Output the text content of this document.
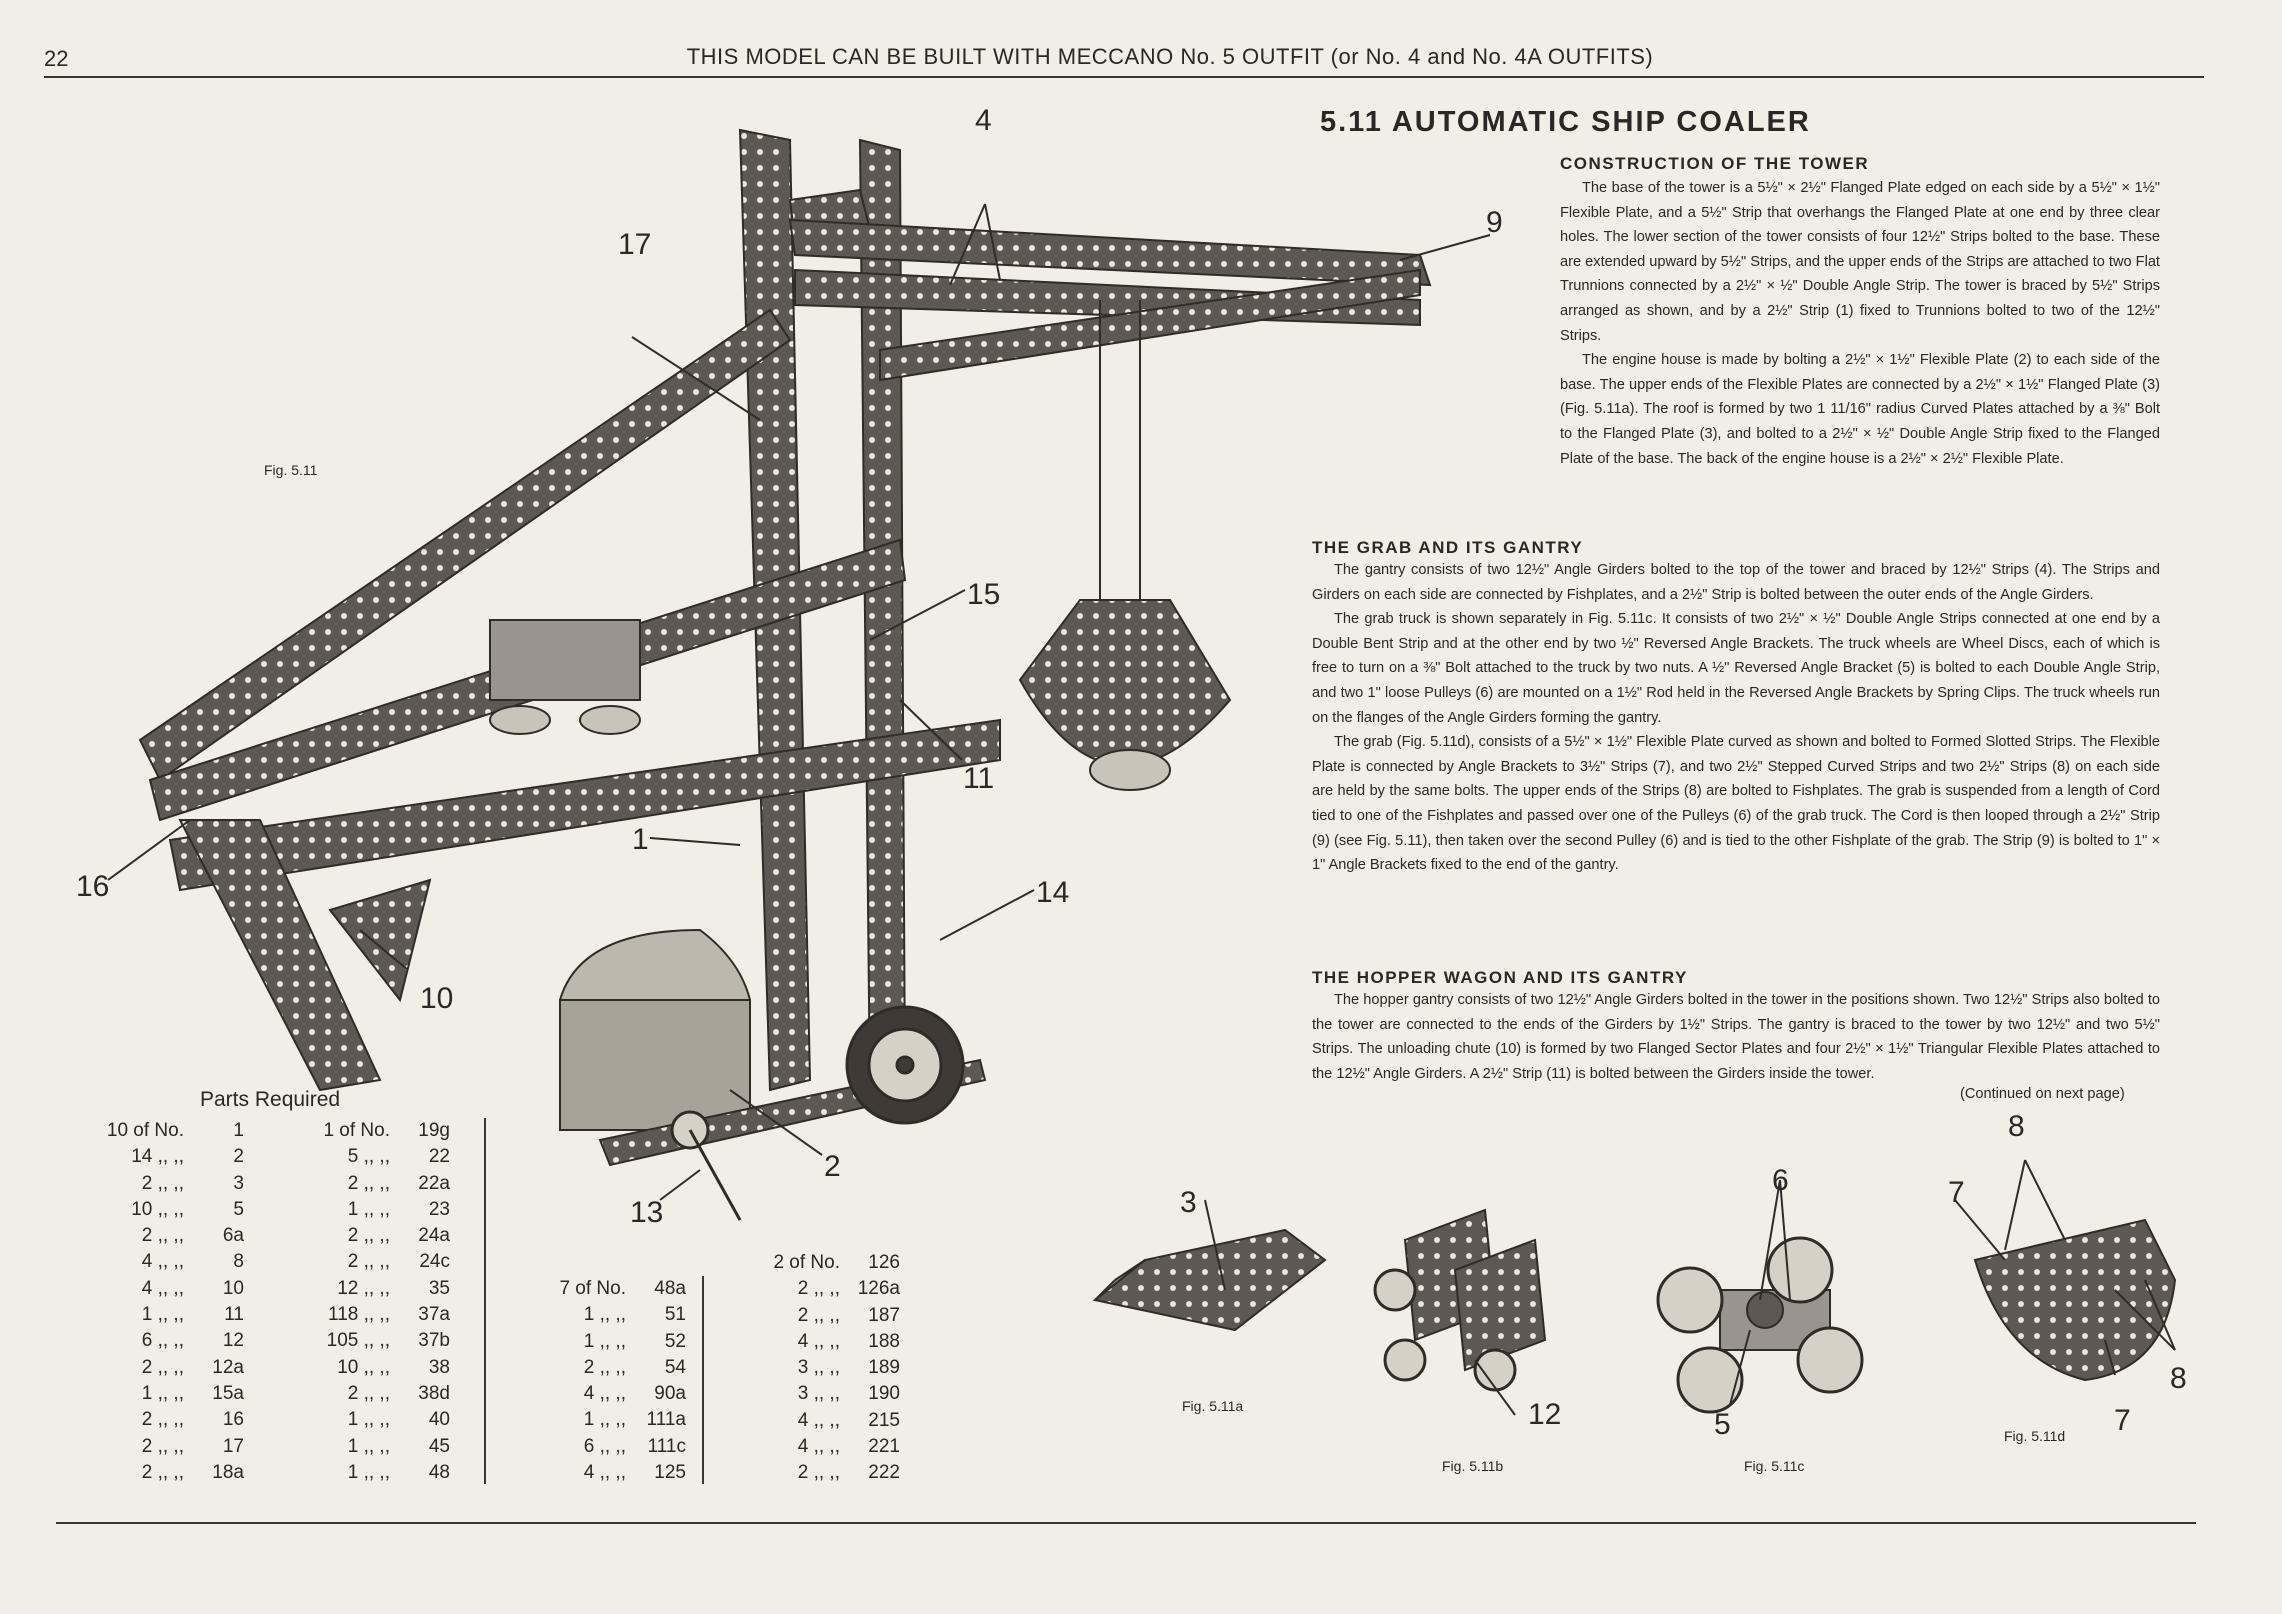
22	THIS MODEL CAN BE BUILT WITH MECCANO No. 5 OUTFIT (or No. 4 and No. 4A OUTFITS)
4
17
9
15
11
1
16	14
10
2
13
Fig. 5.11
5.11 AUTOMATIC SHIP COALER
CONSTRUCTION OF THE TOWER

The base of the tower is a 5½" × 2½" Flanged Plate edged on each side by a 5½" × 1½" Flexible Plate, and a 5½" Strip that overhangs the Flanged Plate at one end by three clear holes. The lower section of the tower consists of four 12½" Strips bolted to the base. These are extended upward by 5½" Strips, and the upper ends of the Strips are attached to two Flat Trunnions connected by a 2½" × ½" Double Angle Strip. The tower is braced by 5½" Strips arranged as shown, and by a 2½" Strip (1) fixed to Trunnions bolted to two of the 12½" Strips.

The engine house is made by bolting a 2½" × 1½" Flexible Plate (2) to each side of the base. The upper ends of the Flexible Plates are connected by a 2½" × 1½" Flanged Plate (3) (Fig. 5.11a). The roof is formed by two 1 11/16" radius Curved Plates attached by a ⅜" Bolt to the Flanged Plate (3), and bolted to a 2½" × ½" Double Angle Strip fixed to the Flanged Plate of the base. The back of the engine house is a 2½" × 2½" Flexible Plate.

THE GRAB AND ITS GANTRY

The gantry consists of two 12½" Angle Girders bolted to the top of the tower and braced by 12½" Strips (4). The Strips and Girders on each side are connected by Fishplates, and a 2½" Strip is bolted between the outer ends of the Angle Girders.

The grab truck is shown separately in Fig. 5.11c. It consists of two 2½" × ½" Double Angle Strips connected at one end by a Double Bent Strip and at the other end by two ½" Reversed Angle Brackets. The truck wheels are Wheel Discs, each of which is free to turn on a ⅜" Bolt attached to the truck by two nuts. A ½" Reversed Angle Bracket (5) is bolted to each Double Angle Strip, and two 1" loose Pulleys (6) are mounted on a 1½" Rod held in the Reversed Angle Brackets by Spring Clips. The truck wheels run on the flanges of the Angle Girders forming the gantry.

The grab (Fig. 5.11d), consists of a 5½" × 1½" Flexible Plate curved as shown and bolted to Formed Slotted Strips. The Flexible Plate is connected by Angle Brackets to 3½" Strips (7), and two 2½" Stepped Curved Strips and two 2½" Strips (8) on each side are held by the same bolts. The upper ends of the Strips (8) are bolted to Fishplates. The grab is suspended from a length of Cord tied to one of the Fishplates and passed over one of the Pulleys (6) of the grab truck. The Cord is then looped through a 2½" Strip (9) (see Fig. 5.11), then taken over the second Pulley (6) and is tied to the other Fishplate of the grab. The Strip (9) is bolted to 1" × 1" Angle Brackets fixed to the end of the gantry.

THE HOPPER WAGON AND ITS GANTRY

The hopper gantry consists of two 12½" Angle Girders bolted in the tower in the positions shown. Two 12½" Strips also bolted to the tower are connected to the ends of the Girders by 1½" Strips. The gantry is braced to the tower by two 12½" and two 5½" Strips. The unloading chute (10) is formed by two Flanged Sector Plates and four 2½" × 1½" Triangular Flexible Plates attached to the 12½" Angle Girders. A 2½" Strip (11) is bolted between the Girders inside the tower.

(Continued on next page)
3
Fig. 5.11a	12
Fig. 5.11b
6
5
Fig. 5.11c
8
7
8
7
Fig. 5.11d
Parts Required
10 of No.	1
14 ,, ,,	2
2 ,, ,,	3
10 ,, ,,	5
2 ,, ,, 6a
4 ,, ,,	8
4 ,, ,, 10
1 ,, ,, 11
6 ,, ,, 12
2 ,, ,, 12a
1 ,, ,, 15a
2 ,, ,, 16
2 ,, ,, 17
2 ,, ,, 18a
1 of No. 19g
5 ,, ,, 22
2 ,, ,, 22a
1 ,, ,, 23
2 ,, ,, 24a
2 ,, ,, 24c
12 ,, ,, 35
118 ,, ,, 37a
105 ,, ,, 37b
10 ,, ,, 38
2 ,, ,, 38d
1 ,, ,, 40
1 ,, ,, 45
1 ,, ,, 48
7 of No. 48a
1 ,, ,, 51
1 ,, ,, 52
2 ,, ,, 54
4 ,, ,, 90a
1 ,, ,, 111a
6 ,, ,, 111c
4 ,, ,, 125
2 of No. 126
2 ,, ,, 126a
2 ,, ,, 187
4 ,, ,, 188
3 ,, ,, 189
3 ,, ,, 190
4 ,, ,, 215
4 ,, ,, 221
2 ,, ,, 222
